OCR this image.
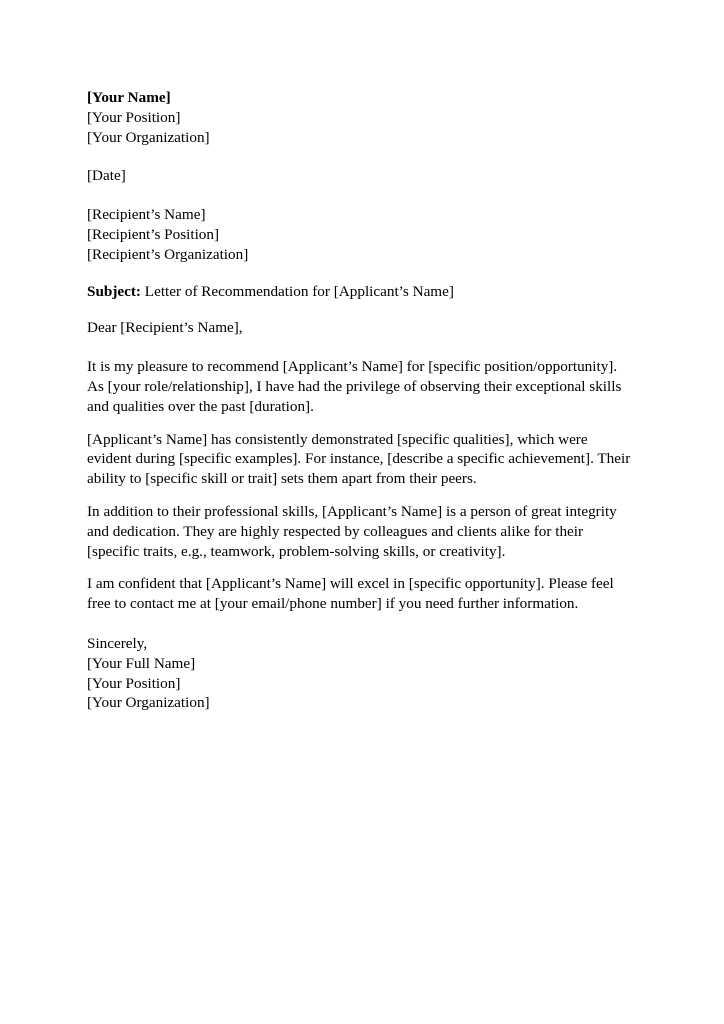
[Your Name]
[Your Position]
[Your Organization]
[Date]
[Recipient’s Name]
[Recipient’s Position]
[Recipient’s Organization]
Subject: Letter of Recommendation for [Applicant’s Name]
Dear [Recipient’s Name],

It is my pleasure to recommend [Applicant’s Name] for [specific position/opportunity]. As [your role/relationship], I have had the privilege of observing their exceptional skills and qualities over the past [duration].

[Applicant’s Name] has consistently demonstrated [specific qualities], which were evident during [specific examples]. For instance, [describe a specific achievement]. Their ability to [specific skill or trait] sets them apart from their peers.

In addition to their professional skills, [Applicant’s Name] is a person of great integrity and dedication. They are highly respected by colleagues and clients alike for their [specific traits, e.g., teamwork, problem-solving skills, or creativity].

I am confident that [Applicant’s Name] will excel in [specific opportunity]. Please feel free to contact me at [your email/phone number] if you need further information.

Sincerely,
[Your Full Name]
[Your Position]
[Your Organization]
